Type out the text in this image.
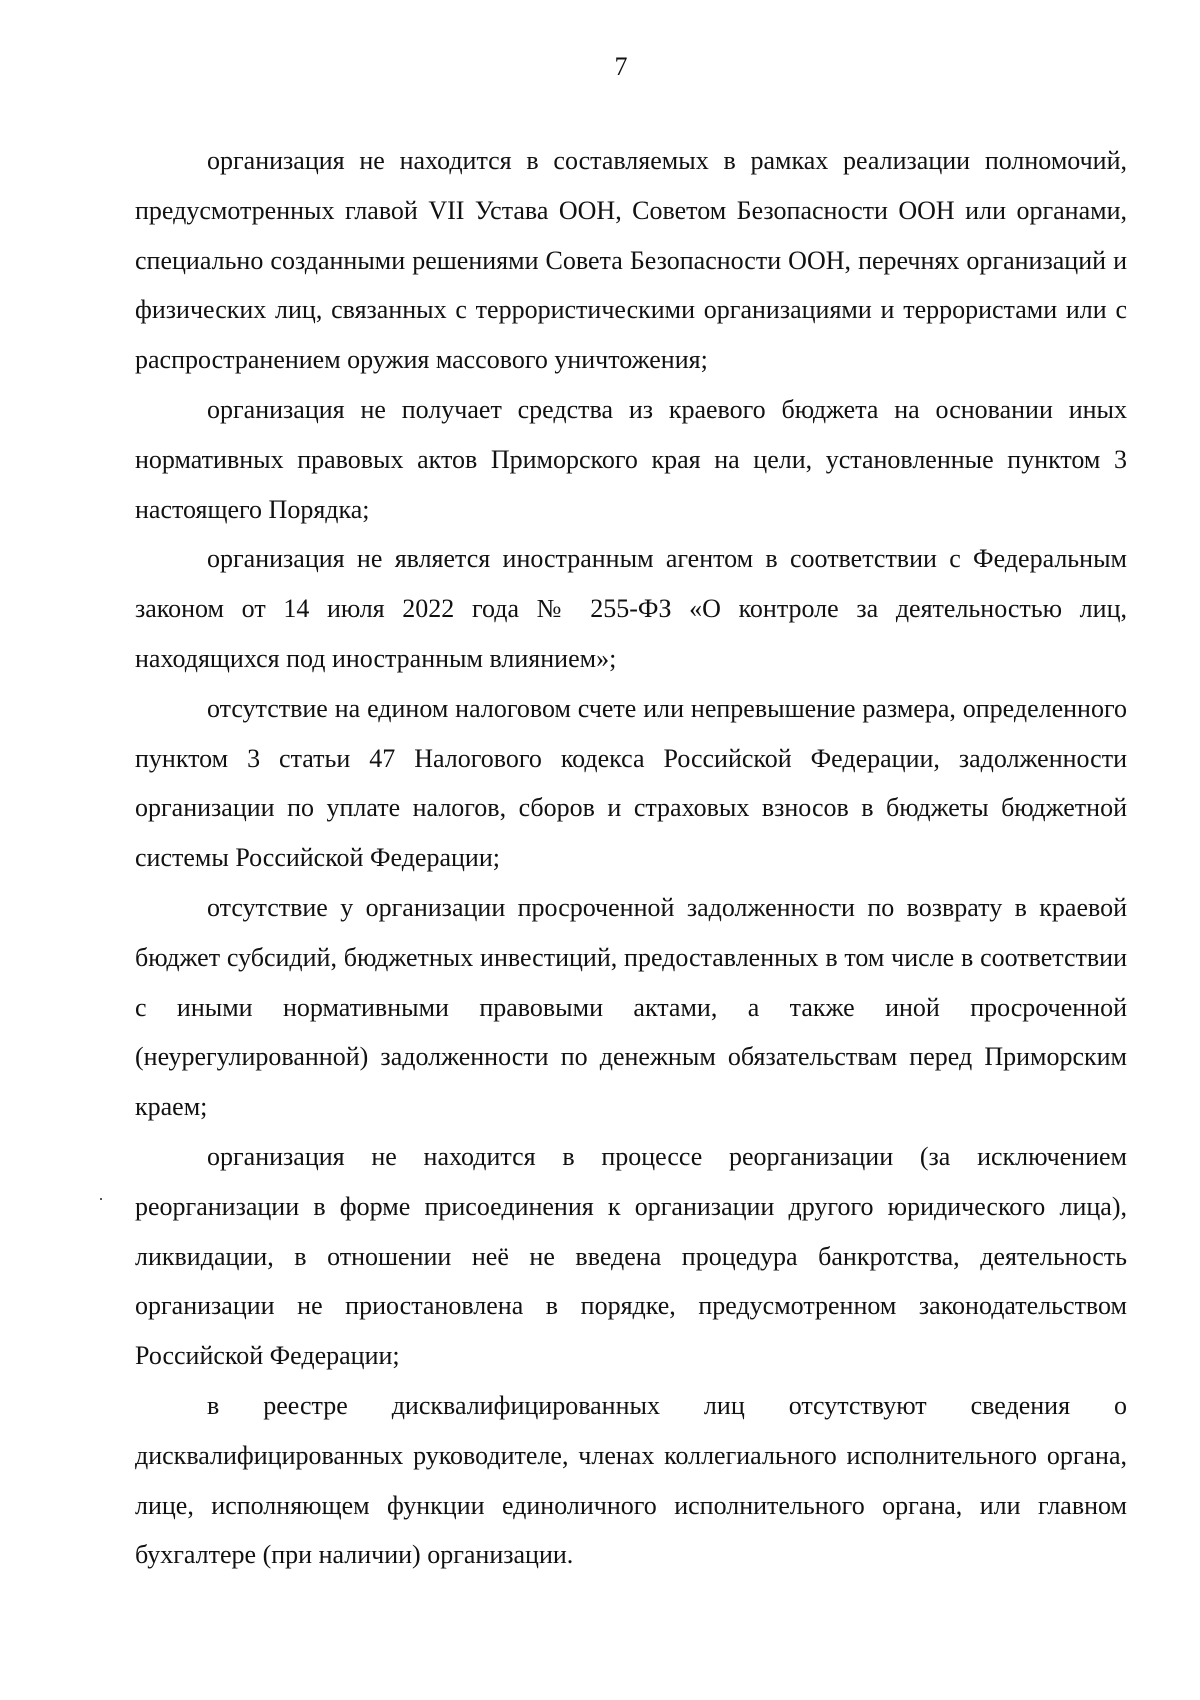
7

организация не находится в составляемых в рамках реализации полномочий, предусмотренных главой VII Устава ООН, Советом Безопасности ООН или органами, специально созданными решениями Совета Безопасности ООН, перечнях организаций и физических лиц, связанных с террористическими организациями и террористами или с распространением оружия массового уничтожения;

организация не получает средства из краевого бюджета на основании иных нормативных правовых актов Приморского края на цели, установленные пунктом 3 настоящего Порядка;

организация не является иностранным агентом в соответствии с Федеральным законом от 14 июля 2022 года № 255-ФЗ «О контроле за деятельностью лиц, находящихся под иностранным влиянием»;

отсутствие на едином налоговом счете или непревышение размера, определенного пунктом 3 статьи 47 Налогового кодекса Российской Федерации, задолженности организации по уплате налогов, сборов и страховых взносов в бюджеты бюджетной системы Российской Федерации;

отсутствие у организации просроченной задолженности по возврату в краевой бюджет субсидий, бюджетных инвестиций, предоставленных в том числе в соответствии с иными нормативными правовыми актами, а также иной просроченной (неурегулированной) задолженности по денежным обязательствам перед Приморским краем;

организация не находится в процессе реорганизации (за исключением реорганизации в форме присоединения к организации другого юридического лица), ликвидации, в отношении неё не введена процедура банкротства, деятельность организации не приостановлена в порядке, предусмотренном законодательством Российской Федерации;

в реестре дисквалифицированных лиц отсутствуют сведения о дисквалифицированных руководителе, членах коллегиального исполнительного органа, лице, исполняющем функции единоличного исполнительного органа, или главном бухгалтере (при наличии) организации.
